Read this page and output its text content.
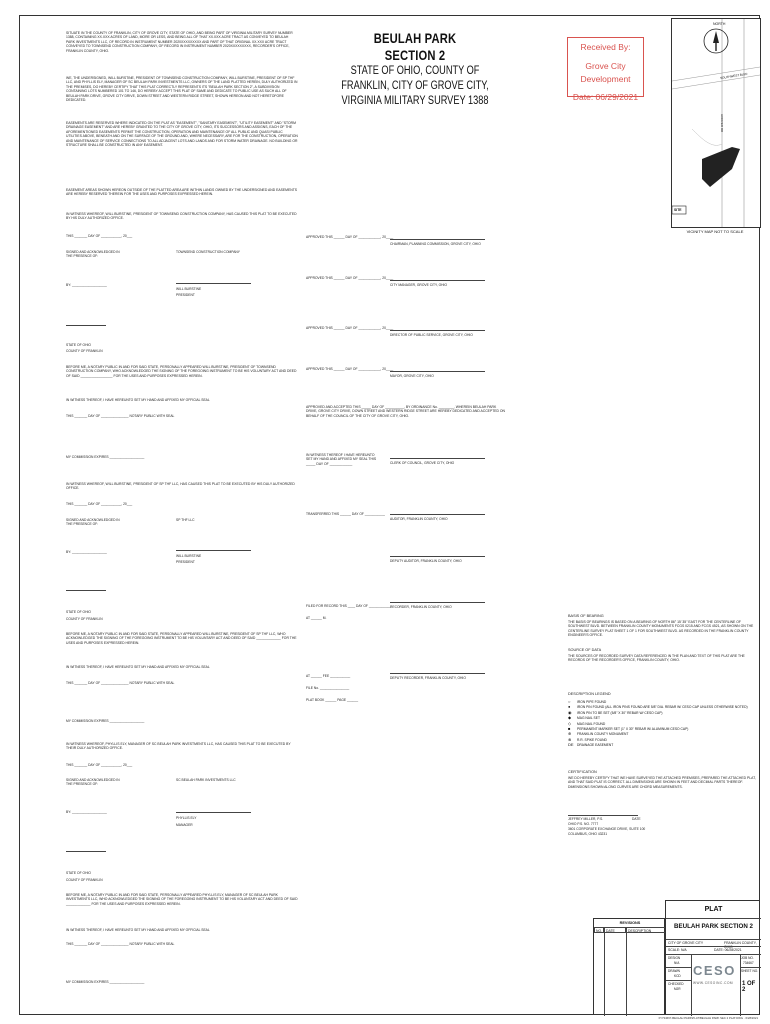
SITUATE IN THE COUNTY OF FRANKLIN, CITY OF GROVE CITY, STATE OF OHIO, AND BEING PART OF VIRGINIA MILITARY SURVEY NUMBER 1388, CONTAINING XX.XXX ACRES OF LAND, MORE OR LESS, AND BEING ALL OF THAT XX.XXX ACRE TRACT AS CONVEYED TO BEULAH PARK INVESTMENTS LLC, OF RECORD IN INSTRUMENT NUMBER 2020XXXXXXXXX AND PART OF THAT ORIGINAL XX.XXX ACRE TRACT CONVEYED TO TOWNSEND CONSTRUCTION COMPANY, OF RECORD IN INSTRUMENT NUMBER 2020XXXXXXXXX, RECORDER'S OFFICE, FRANKLIN COUNTY, OHIO.
WE, THE UNDERSIGNED, WILL BURSTINE, PRESIDENT OF TOWNSEND CONSTRUCTION COMPANY, WILL BURSTINE, PRESIDENT OF SP THF LLC, AND PHYLLIS ELY, MANAGER OF SC BEULAH PARK INVESTMENTS LLC, OWNERS OF THE LAND PLATTED HEREIN, DULY AUTHORIZED IN THE PREMISES, DO HEREBY CERTIFY THAT THIS PLAT CORRECTLY REPRESENTS ITS "BEULAH PARK SECTION 2", A SUBDIVISION CONTAINING LOTS NUMBERED 101 TO 146, DO HEREBY ACCEPT THIS PLAT OF SAME AND DEDICATE TO PUBLIC USE AS SUCH ALL OF BEULAH PARK DRIVE, GROVE CITY DRIVE, DOWN STREET AND WESTERN RIDGE STREET, SHOWN HEREON AND NOT HERETOFORE DEDICATED.
EASEMENTS ARE RESERVED WHERE INDICATED ON THE PLAT AS "EASEMENT", "SANITARY EASEMENT", "UTILITY EASEMENT" AND "STORM DRAINAGE EASEMENT" AND ARE HEREBY GRANTED TO THE CITY OF GROVE CITY, OHIO, ITS SUCCESSORS AND ASSIGNS, EACH OF THE AFOREMENTIONED EASEMENTS PERMIT THE CONSTRUCTION, OPERATION AND MAINTENANCE OF ALL PUBLIC AND QUASI PUBLIC UTILITIES ABOVE, BENEATH AND ON THE SURFACE OF THE GROUND AND, WHERE NECESSARY, ARE FOR THE CONSTRUCTION, OPERATION AND MAINTENANCE OF SERVICE CONNECTIONS TO ALL ADJACENT LOTS AND LANDS AND FOR STORM WATER DRAINAGE. NO BUILDING OR STRUCTURE SHALL BE CONSTRUCTED IN ANY EASEMENT.
EASEMENT AREAS SHOWN HEREON OUTSIDE OF THE PLATTED AREA ARE WITHIN LANDS OWNED BY THE UNDERSIGNED AND EASEMENTS ARE HEREBY RESERVED THEREIN FOR THE USES AND PURPOSES EXPRESSED HEREIN.
IN WITNESS WHEREOF, WILL BURSTINE, PRESIDENT OF TOWNSEND CONSTRUCTION COMPANY, HAS CAUSED THIS PLAT TO BE EXECUTED BY HIS DULY AUTHORIZED OFFICE.
THIS _______ DAY OF ___________, 20___
SIGNED AND ACKNOWLEDGED IN THE PRESENCE OF:
TOWNSEND CONSTRUCTION COMPANY
BY: ___________________
WILL BURSTINE
PRESIDENT
STATE OF OHIO
COUNTY OF FRANKLIN
BEFORE ME, A NOTARY PUBLIC IN AND FOR SAID STATE, PERSONALLY APPEARED WILL BURSTINE, PRESIDENT OF TOWNSEND CONSTRUCTION COMPANY, WHO ACKNOWLEDGED THE SIGNING OF THE FOREGOING INSTRUMENT TO BE HIS VOLUNTARY ACT AND DEED OF SAID _________________ FOR THE USES AND PURPOSES EXPRESSED HEREIN.
IN WITNESS THEREOF, I HAVE HEREUNTO SET MY HAND AND AFFIXED MY OFFICIAL SEAL
THIS _______ DAY OF _______________ NOTARY PUBLIC WITH SEAL
MY COMMISSION EXPIRES ___________________
IN WITNESS WHEREOF, WILL BURSTINE, PRESIDENT OF SP THF LLC, HAS CAUSED THIS PLAT TO BE EXECUTED BY HIS DULY AUTHORIZED OFFICE.
THIS _______ DAY OF ___________, 20___
SIGNED AND ACKNOWLEDGED IN THE PRESENCE OF:
SP THF LLC
BY: ___________________
WILL BURSTINE
PRESIDENT
STATE OF OHIO
COUNTY OF FRANKLIN
BEFORE ME, A NOTARY PUBLIC IN AND FOR SAID STATE, PERSONALLY APPEARED WILL BURSTINE, PRESIDENT OF SP THF LLC, WHO ACKNOWLEDGED THE SIGNING OF THE FOREGOING INSTRUMENT TO BE HIS VOLUNTARY ACT AND DEED OF SAID _____________ FOR THE USES AND PURPOSES EXPRESSED HEREIN.
IN WITNESS THEREOF, I HAVE HEREUNTO SET MY HAND AND AFFIXED MY OFFICIAL SEAL
THIS _______ DAY OF _______________ NOTARY PUBLIC WITH SEAL
MY COMMISSION EXPIRES ___________________
IN WITNESS WHEREOF, PHYLLIS ELY, MANAGER OF SC BEULAH PARK INVESTMENTS LLC, HAS CAUSED THIS PLAT TO BE EXECUTED BY THEIR DULY AUTHORIZED OFFICE.
THIS _______ DAY OF ___________, 20___
SIGNED AND ACKNOWLEDGED IN THE PRESENCE OF:
SC BEULAH PARK INVESTMENTS LLC
BY: ___________________
PHYLLIS ELY
MANAGER
STATE OF OHIO
COUNTY OF FRANKLIN
BEFORE ME, A NOTARY PUBLIC IN AND FOR SAID STATE, PERSONALLY APPEARED PHYLLIS ELY, MANAGER OF SC BEULAH PARK INVESTMENTS LLC, WHO ACKNOWLEDGED THE SIGNING OF THE FOREGOING INSTRUMENT TO BE HIS VOLUNTARY ACT AND DEED OF SAID _____________ FOR THE USES AND PURPOSES EXPRESSED HEREIN.
IN WITNESS THEREOF, I HAVE HEREUNTO SET MY HAND AND AFFIXED MY OFFICIAL SEAL
THIS _______ DAY OF _______________ NOTARY PUBLIC WITH SEAL
MY COMMISSION EXPIRES ___________________
BEULAH PARK
SECTION 2
STATE OF OHIO, COUNTY OF FRANKLIN, CITY OF GROVE CITY,
VIRGINIA MILITARY SURVEY 1388
Received By:
Grove City Development
Date: 06/29/2021
NORTH
SOUTHWEST BLVD
HOOVER RD
SITE
VICINITY MAP NOT TO SCALE
APPROVED THIS ______ DAY OF ____________, 20____
CHAIRMAN, PLANNING COMMISSION, GROVE CITY, OHIO
APPROVED THIS ______ DAY OF ____________, 20____
CITY MANAGER, GROVE CITY, OHIO
APPROVED THIS ______ DAY OF ____________, 20____
DIRECTOR OF PUBLIC SERVICE, GROVE CITY, OHIO
APPROVED THIS ______ DAY OF ____________, 20____
MAYOR, GROVE CITY, OHIO
APPROVED AND ACCEPTED THIS _____ DAY OF __________, BY ORDINANCE No. ________, WHEREIN BEULAH PARK DRIVE, GROVE CITY DRIVE, DOWN STREET AND WESTERN RIDGE STREET ARE HEREBY DEDICATED AND ACCEPTED ON BEHALF OF THE COUNCIL OF THE CITY OF GROVE CITY, OHIO.
IN WITNESS THEREOF I HAVE HEREUNTO SET MY HAND AND AFFIXED MY SEAL THIS _____ DAY OF ____________	CLERK OF COUNCIL, GROVE CITY, OHIO
TRANSFERRED THIS ______ DAY OF ___________
AUDITOR, FRANKLIN COUNTY, OHIO
DEPUTY AUDITOR, FRANKLIN COUNTY, OHIO
FILED FOR RECORD THIS ____ DAY OF ____________ RECORDER, FRANKLIN COUNTY, OHIO
AT ______ M.
AT ______ FEE ___________	DEPUTY RECORDER, FRANKLIN COUNTY, OHIO
FILE No. ________________
PLAT BOOK ______ PAGE ______
BASIS OF BEARING
THE BASIS OF BEARINGS IS BASED ON A BEARING OF NORTH 86° 15' 35" EAST FOR THE CENTERLINE OF SOUTHWEST BLVD. BETWEEN FRANKLIN COUNTY MONUMENTS FCGS 0215 AND FCGS 4521, AS SHOWN ON THE CENTERLINE SURVEY PLAT SHEET 1 OF 1 FOR SOUTHWEST BLVD. AS RECORDED IN THE FRANKLIN COUNTY ENGINEER'S OFFICE.
SOURCE OF DATA
THE SOURCES OF RECORDED SURVEY DATA REFERENCED IN THE PLAN AND TEXT OF THIS PLAT ARE THE RECORDS OF THE RECORDER'S OFFICE, FRANKLIN COUNTY, OHIO.
DESCRIPTION LEGEND
○ IRON PIPE FOUND
● IRON PIN FOUND (ALL IRON PINS FOUND ARE 5/8" DIA. REBAR W/ CESO CAP UNLESS OTHERWISE NOTED)
◉ IRON PIN TO BE SET (5/8" X 30" REBAR W/ CESO CAP)
◆ MAG NAIL SET
◇ MAG NAIL FOUND
■ PERMANENT MARKER SET (1" X 30" REBAR W/ ALUMINUM CESO CAP)
⊕ FRANKLIN COUNTY MONUMENT
⊗ R.R. SPIKE FOUND
DE DRAINAGE EASEMENT
CERTIFICATION
WE DO HEREBY CERTIFY THAT WE HAVE SURVEYED THE ATTACHED PREMISES, PREPARED THE ATTACHED PLAT, AND THAT SAID PLAT IS CORRECT. ALL DIMENSIONS ARE SHOWN IN FEET AND DECIMAL PARTS THEREOF. DIMENSIONS SHOWN ALONG CURVES ARE CHORD MEASUREMENTS.
JEFFREY MILLER, P.S.	DATE
OHIO P.S. NO. 7777
3601 CORPORATE EXCHANGE DRIVE, SUITE 100
COLUMBUS, OHIO 43231
REVISIONS
NO.	DATE	DESCRIPTION
PLAT
BEULAH PARK SECTION 2
CITY OF GROVE CITY	FRANKLIN COUNTY, OHIO
SCALE: N/A	DATE: 06/28/2021
DESIGN
N/A
DRAWN
KCD
CHECKED
MJR
CESO
WWW.CESOINC.COM
JOB NO.
734667
SHEET NO.
1 OF 2
P:\734667-BEULAH PARK\PLAT\BEULAH PARK SEC 2 PLAT.DWG · 6/28/2021
